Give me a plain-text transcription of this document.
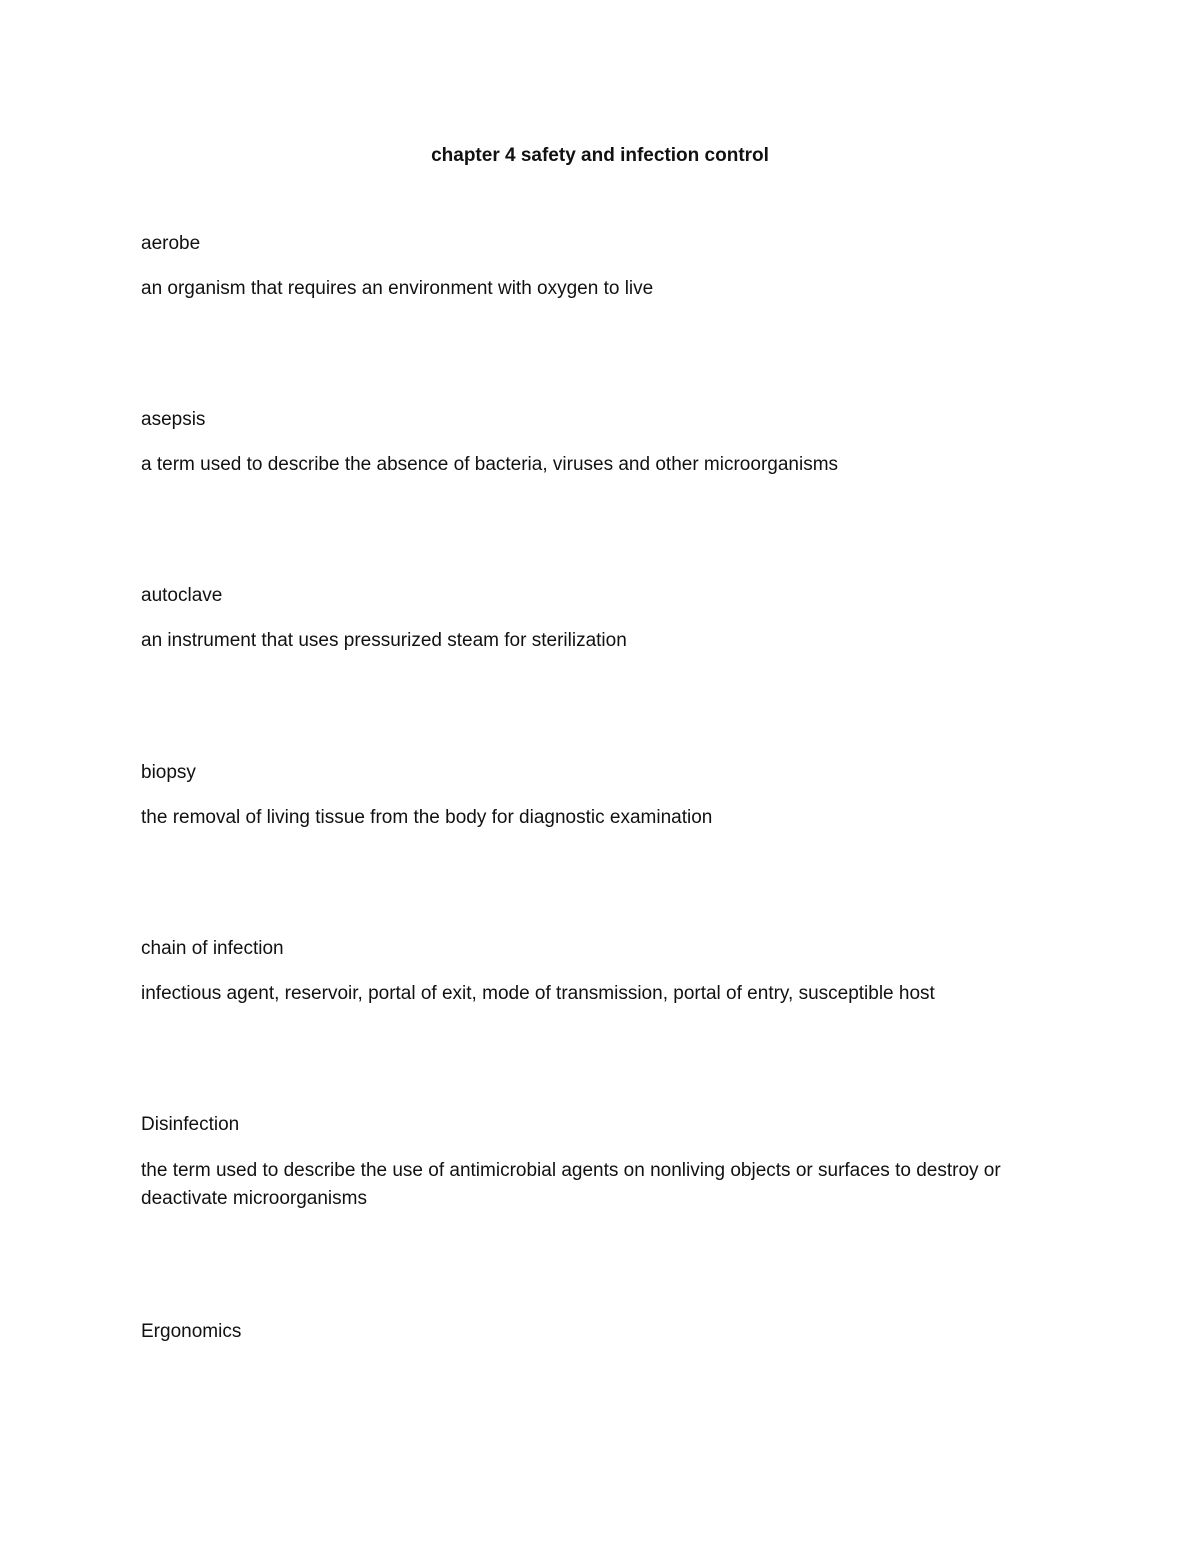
chapter 4 safety and infection control
aerobe
an organism that requires an environment with oxygen to live
asepsis
a term used to describe the absence of bacteria, viruses and other microorganisms
autoclave
an instrument that uses pressurized steam for sterilization
biopsy
the removal of living tissue from the body for diagnostic examination
chain of infection
infectious agent, reservoir, portal of exit, mode of transmission, portal of entry, susceptible host
Disinfection
the term used to describe the use of antimicrobial agents on nonliving objects or surfaces to destroy or deactivate microorganisms
Ergonomics
